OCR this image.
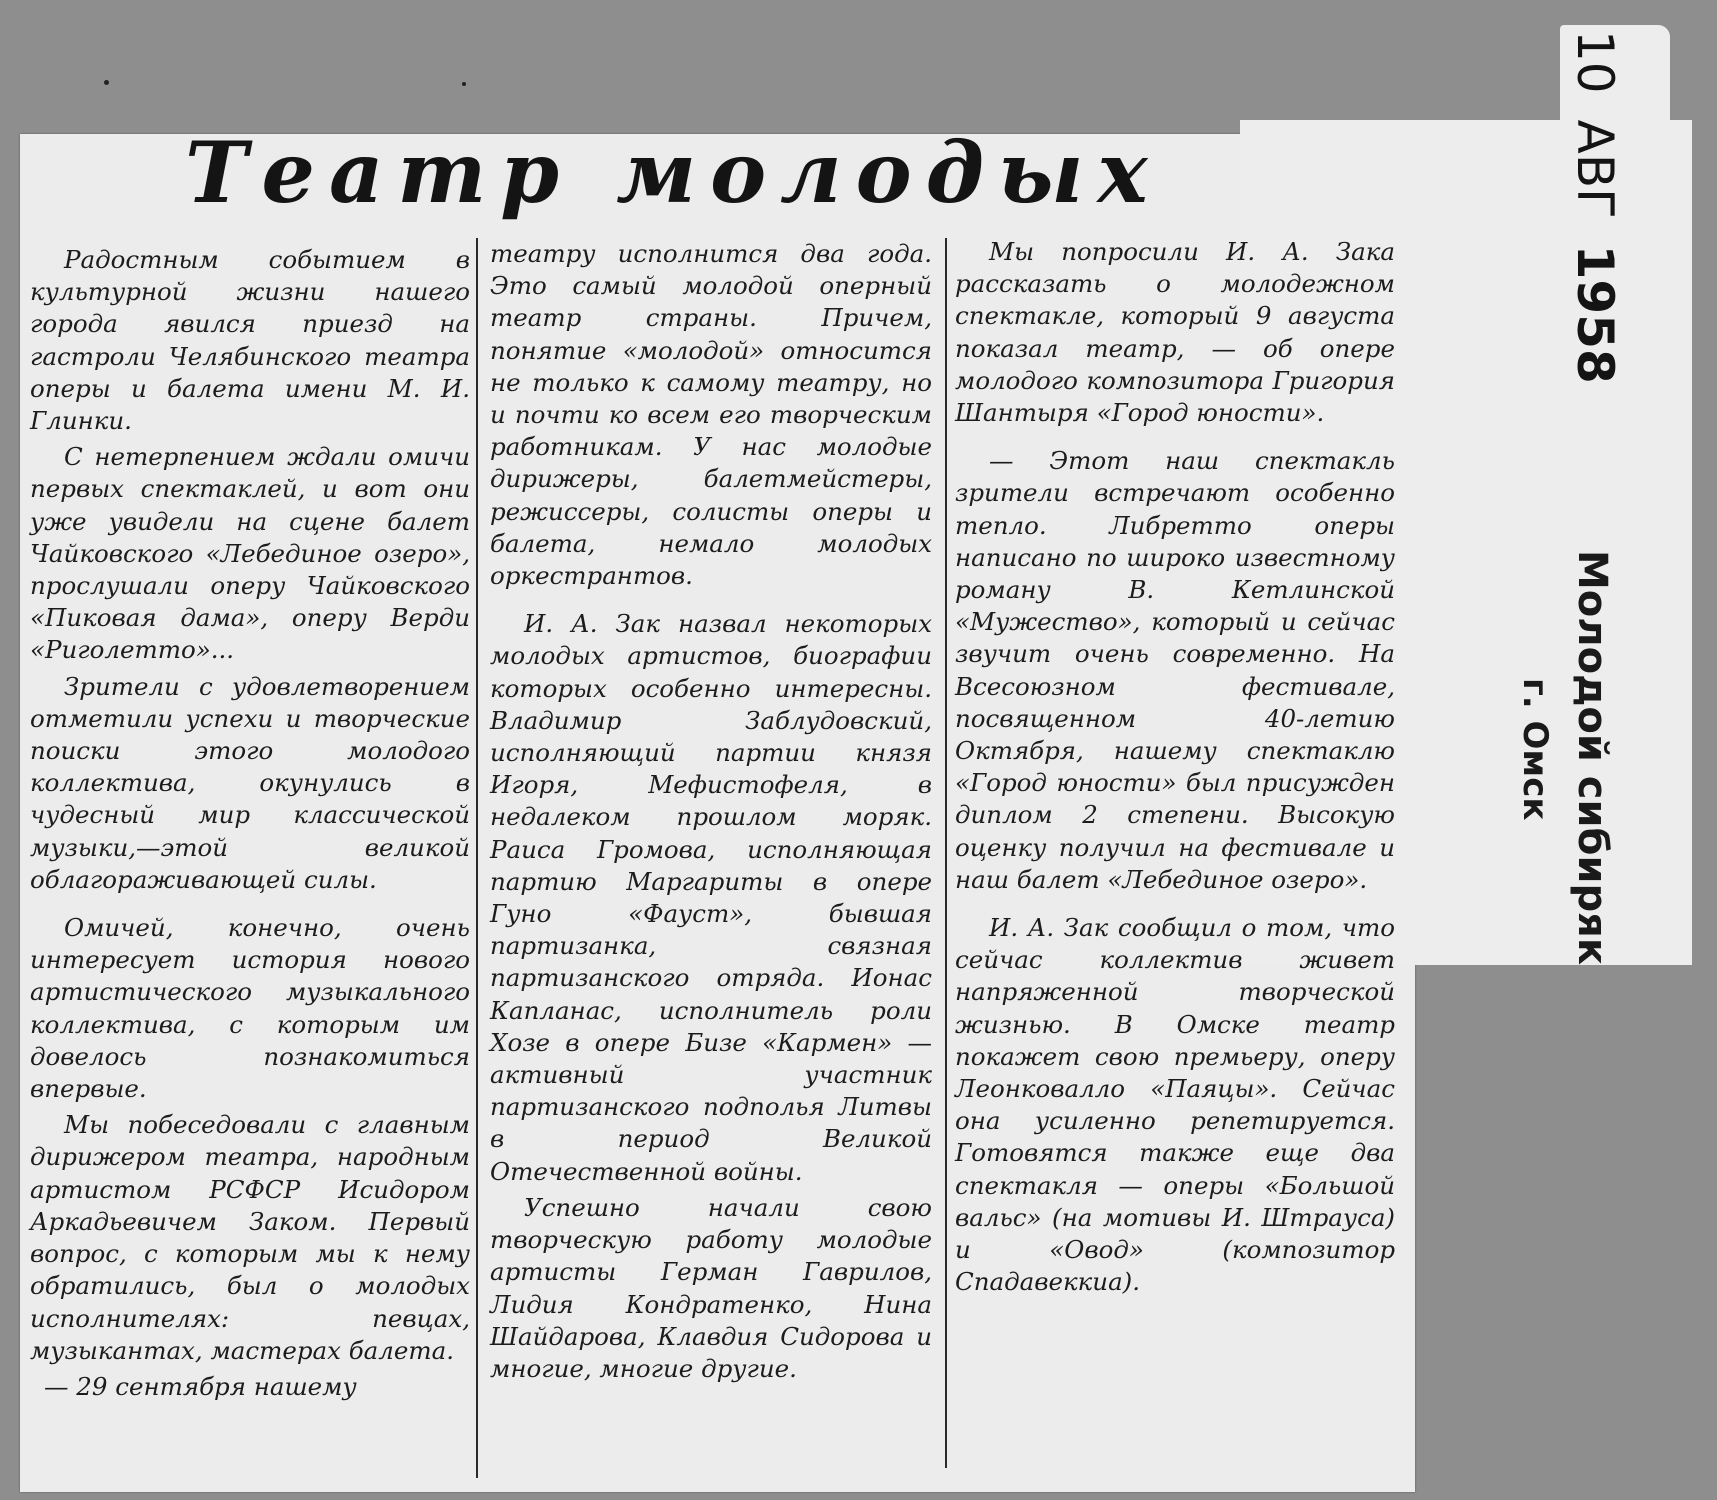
Театр молодых

Радостным событием в культурной жизни нашего города явился приезд на гастроли Челябинского театра оперы и балета имени М. И. Глинки.

С нетерпением ждали омичи первых спектаклей, и вот они уже увидели на сцене балет Чайковского «Лебединое озеро», прослушали оперу Чайковского «Пиковая дама», оперу Верди «Риголетто»...

Зрители с удовлетворением отметили успехи и творческие поиски этого молодого коллектива, окунулись в чудесный мир классической музыки,—этой великой облагораживающей силы.

Омичей, конечно, очень интересует история нового артистического музыкального коллектива, с которым им довелось познакомиться впервые.

Мы побеседовали с главным дирижером театра, народным артистом РСФСР Исидором Аркадьевичем Заком. Первый вопрос, с которым мы к нему обратились, был о молодых исполнителях: певцах, музыкантах, мастерах балета.

— 29 сентября нашему

театру исполнится два года. Это самый молодой оперный театр страны. Причем, понятие «молодой» относится не только к самому театру, но и почти ко всем его творческим работникам. У нас молодые дирижеры, балетмейстеры, режиссеры, солисты оперы и балета, немало молодых оркестрантов.

И. А. Зак назвал некоторых молодых артистов, биографии которых особенно интересны. Владимир Заблудовский, исполняющий партии князя Игоря, Мефистофеля, в недалеком прошлом моряк. Раиса Громова, исполняющая партию Маргариты в опере Гуно «Фауст», бывшая партизанка, связная партизанского отряда. Ионас Капланас, исполнитель роли Хозе в опере Бизе «Кармен» — активный участник партизанского подполья Литвы в период Великой Отечественной войны.

Успешно начали свою творческую работу молодые артисты Герман Гаврилов, Лидия Кондратенко, Нина Шайдарова, Клавдия Сидорова и многие, многие другие.

Мы попросили И. А. Зака рассказать о молодежном спектакле, который 9 августа показал театр, — об опере молодого композитора Григория Шантыря «Город юности».

— Этот наш спектакль зрители встречают особенно тепло. Либретто оперы написано по широко известному роману В. Кетлинской «Мужество», который и сейчас звучит очень современно. На Всесоюзном фестивале, посвященном 40-летию Октября, нашему спектаклю «Город юности» был присужден диплом 2 степени. Высокую оценку получил на фестивале и наш балет «Лебединое озеро».

И. А. Зак сообщил о том, что сейчас коллектив живет напряженной творческой жизнью. В Омске театр покажет свою премьеру, оперу Леонковалло «Паяцы». Сейчас она усиленно репетируется. Готовятся также еще два спектакля — оперы «Большой вальс» (на мотивы И. Штрауса) и «Овод» (композитор Спадавеккиа).

10АВГ1958
Молодой сибиряк
г. Омск
